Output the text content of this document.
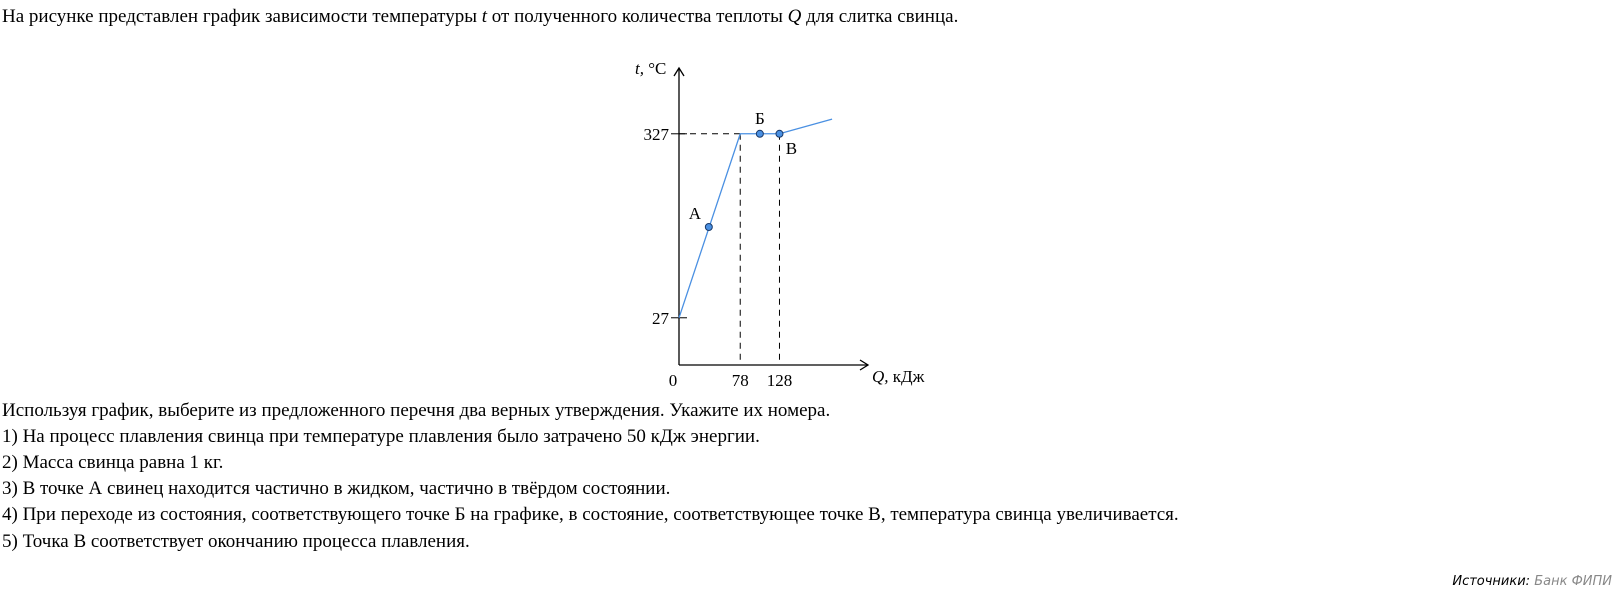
На рисунке представлен график зависимости температуры t от полученного количества теплоты Q для слитка свинца.
t, °C
Q, кДж
27
327
0	78 128
А
Б
В
Используя график, выберите из предложенного перечня два верных утверждения. Укажите их номера.
1) На процесс плавления свинца при температуре плавления было затрачено 50 кДж энергии.
2) Масса свинца равна 1 кг.
3) В точке А свинец находится частично в жидком, частично в твёрдом состоянии.
4) При переходе из состояния, соответствующего точке Б на графике, в состояние, соответствующее точке В, температура свинца увеличивается.
5) Точка В соответствует окончанию процесса плавления.
Источники: Банк ФИПИ
